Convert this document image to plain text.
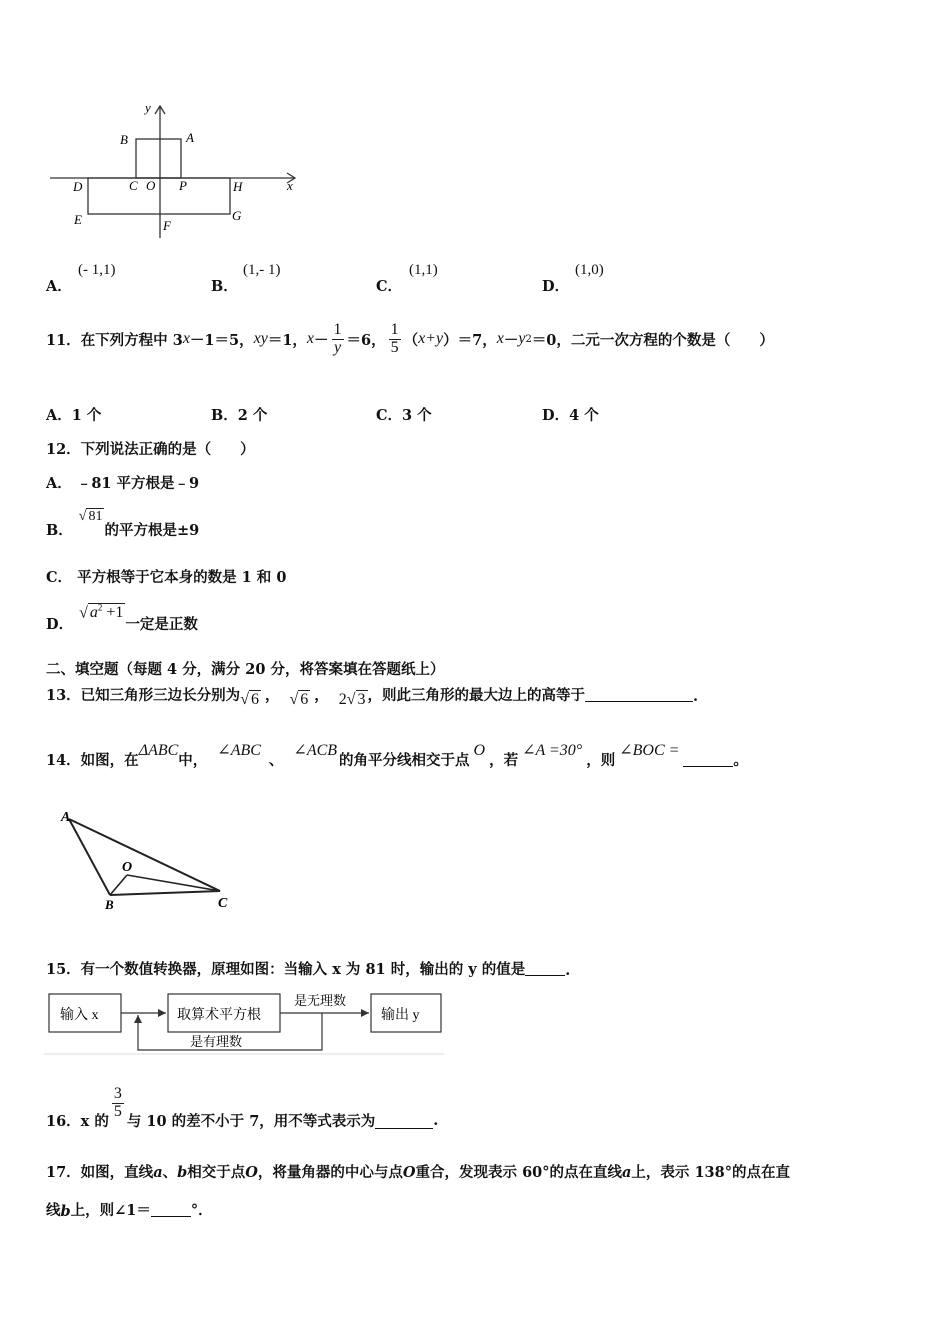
y
x
B	A
D	C O P	H
E	F
G
A．
(- 1,1)
B．
(1,- 1)
C．
(1,1)
D．
(1,0)
11． 在下列方程中 3 x －1＝5， xy ＝1， $x - \frac{1}{y} =6$， $\frac{1}{5}$ （ x+y ）＝7， x － y 2 ＝0，二元一次方程的个数是（　　）
A．1 个	B．2 个	C．3 个	D．4 个
12．下列说法正确的是（　　）
A． ﹣81 平方根是﹣9
B．
√ 81
的平方根是±9
C． 平方根等于它本身的数是 1 和 0
D．
√ $a^2 +1$
一定是正数
二、填空题（每题 4 分，满分 20 分，将答案填在答题纸上）
13．已知三角形三边长分别为 √ 6 ， √ 6 ， 2√ 3 ，则此三角形的最大边上的高等于	.
14．如图，在
ΔABC
中，
∠ABC
、
∠ACB
的角平分线相交于点
O
，若
∠A =30°
，则
∠BOC =
。
A
O
B	C
15．有一个数值转换器，原理如图：当输入 x 为 81 时，输出的 y 的值是	.
输入 x	取算术平方根
是无理数
输出 y
是有理数
16．x 的
$\frac{3}{5}$
与 10 的差不小于 7，用不等式表示为	.
17．如图，直线a、b相交于点O，将量角器的中心与点O重合，发现表示 60°的点在直线a上，表示 138°的点在直
线 b 上，则∠1＝	°．
